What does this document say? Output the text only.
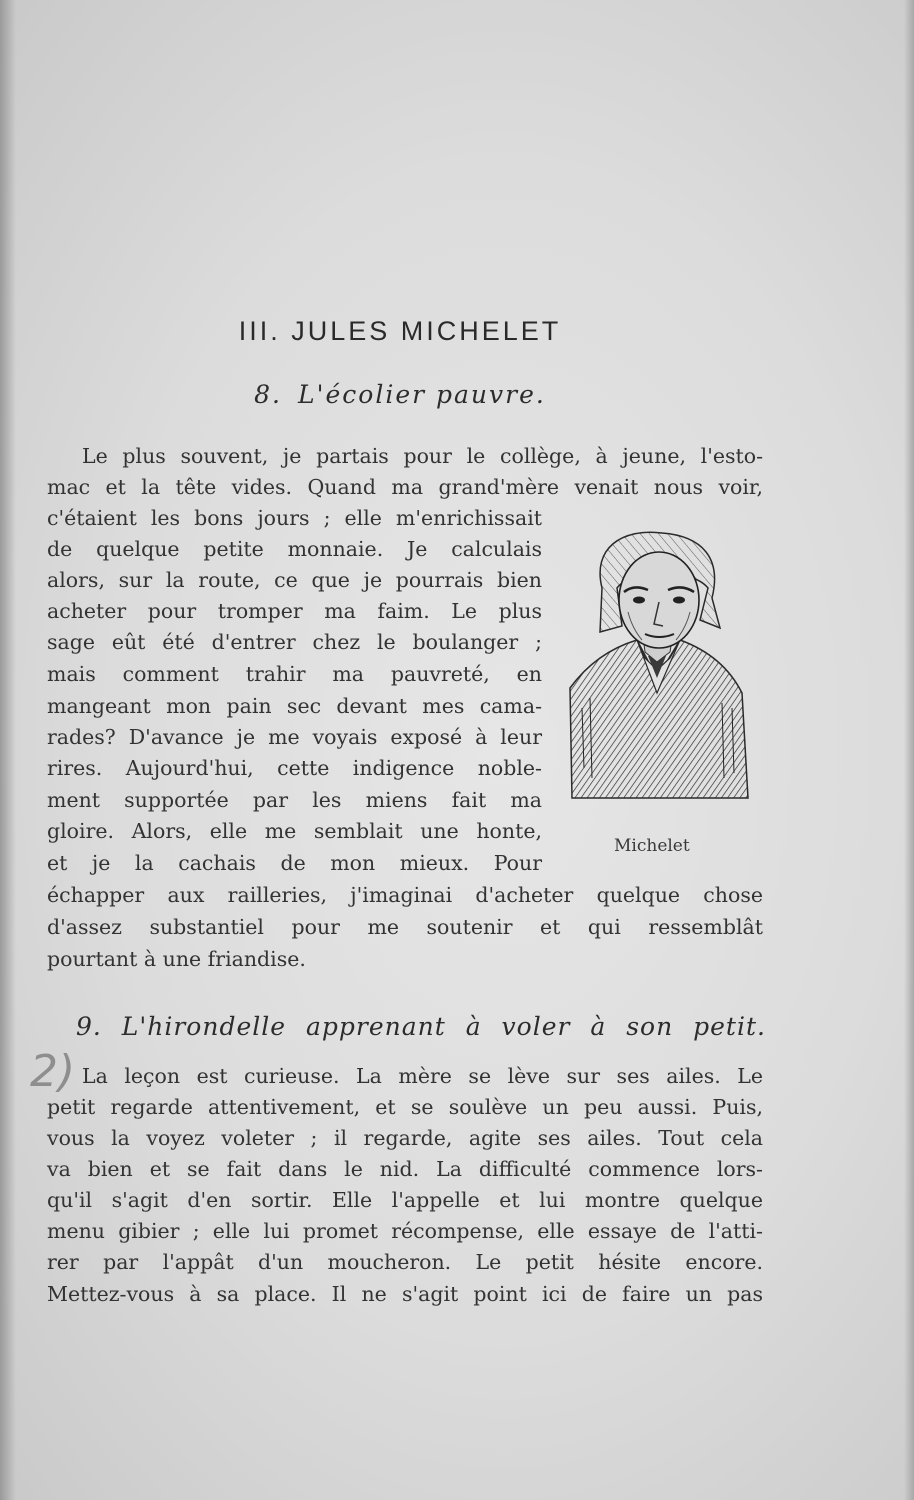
III. JULES MICHELET
8. L'écolier pauvre.
Le plus souvent, je partais pour le collège, à jeune, l'esto-
mac et la tête vides. Quand ma grand'mère venait nous voir,
c'étaient les bons jours ; elle m'enrichissait
de quelque petite monnaie. Je calculais
alors, sur la route, ce que je pourrais bien
acheter pour tromper ma faim. Le plus
sage eût été d'entrer chez le boulanger ;
mais comment trahir ma pauvreté, en
mangeant mon pain sec devant mes cama-
rades? D'avance je me voyais exposé à leur
rires. Aujourd'hui, cette indigence noble-
ment supportée par les miens fait ma
gloire. Alors, elle me semblait une honte,
et je la cachais de mon mieux. Pour
échapper aux railleries, j'imaginai d'acheter quelque chose
d'assez substantiel pour me soutenir et qui ressemblât
pourtant à une friandise.
Michelet
9. L'hirondelle apprenant à voler à son petit.
2) La leçon est curieuse. La mère se lève sur ses ailes. Le
petit regarde attentivement, et se soulève un peu aussi. Puis,
vous la voyez voleter ; il regarde, agite ses ailes. Tout cela
va bien et se fait dans le nid. La difficulté commence lors-
qu'il s'agit d'en sortir. Elle l'appelle et lui montre quelque
menu gibier ; elle lui promet récompense, elle essaye de l'atti-
rer par l'appât d'un moucheron. Le petit hésite encore.
Mettez-vous à sa place. Il ne s'agit point ici de faire un pas
